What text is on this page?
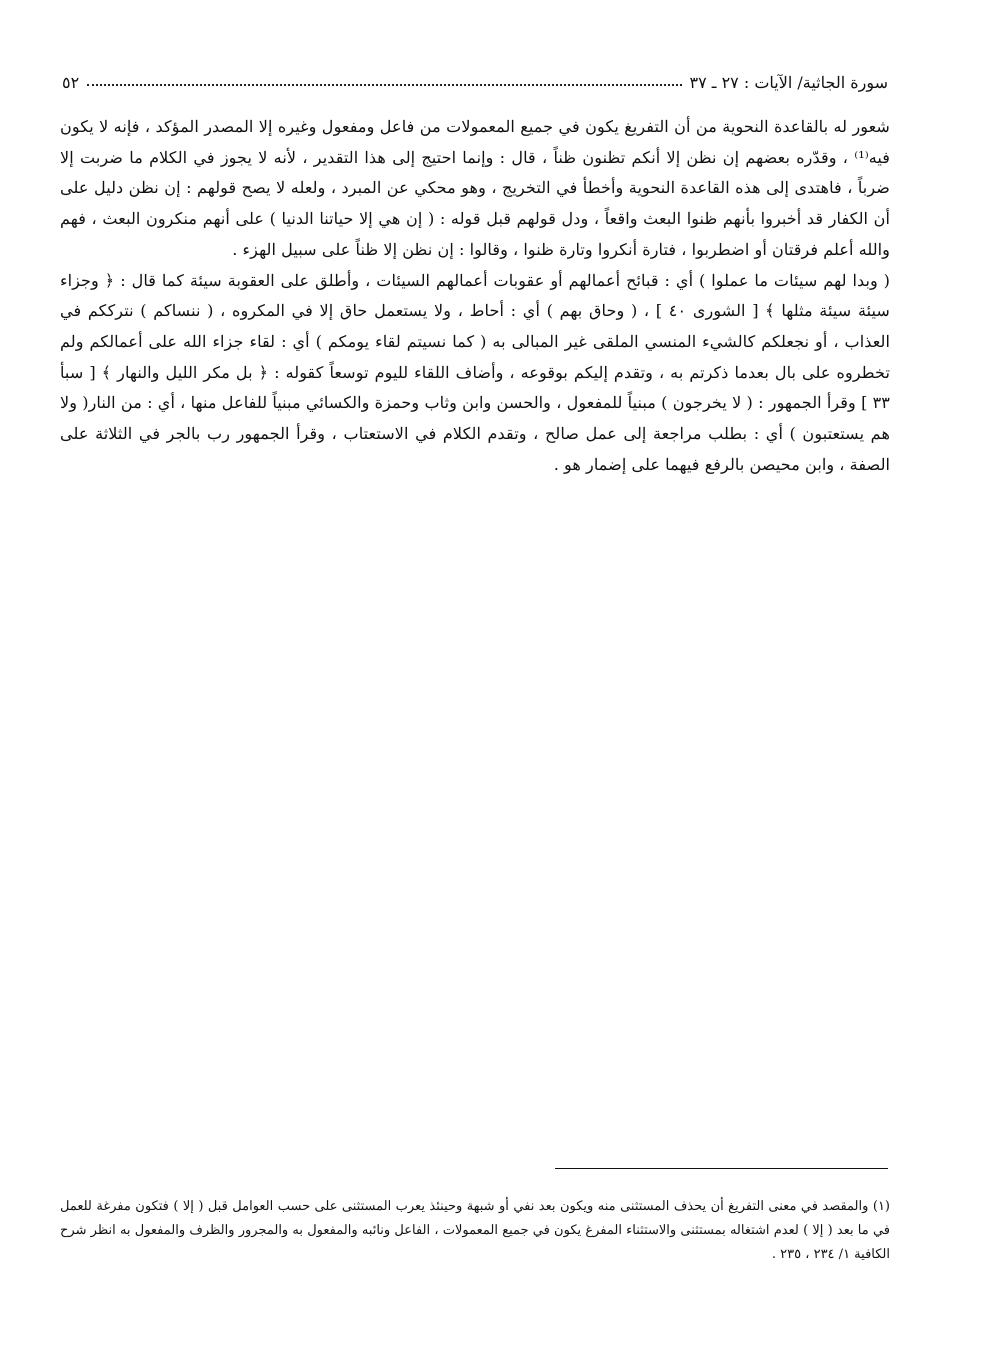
سورة الجاثية/ الآيات : ٢٧ ـ ٣٧
٥٢

شعور له بالقاعدة النحوية من أن التفريغ يكون في جميع المعمولات من فاعل ومفعول وغيره إلا المصدر المؤكد ، فإنه لا يكون فيه⁽¹⁾ ، وقدّره بعضهم إن نظن إلا أنكم تظنون ظناً ، قال : وإنما احتيج إلى هذا التقدير ، لأنه لا يجوز في الكلام ما ضربت إلا ضرباً ، فاهتدى إلى هذه القاعدة النحوية وأخطأ في التخريج ، وهو محكي عن المبرد ، ولعله لا يصح قولهم : إن نظن دليل على أن الكفار قد أخبروا بأنهم ظنوا البعث واقعاً ، ودل قولهم قبل قوله : ( إن هي إلا حياتنا الدنيا ) على أنهم منكرون البعث ، فهم والله أعلم فرقتان أو اضطربوا ، فتارة أنكروا وتارة ظنوا ، وقالوا : إن نظن إلا ظناً على سبيل الهزء .

( وبدا لهم سيئات ما عملوا ) أي : قبائح أعمالهم أو عقوبات أعمالهم السيئات ، وأطلق على العقوبة سيئة كما قال : ﴿ وجزاء سيئة سيئة مثلها ﴾ [ الشورى ٤٠ ] ، ( وحاق بهم ) أي : أحاط ، ولا يستعمل حاق إلا في المكروه ، ( ننساكم ) نترككم في العذاب ، أو نجعلكم كالشيء المنسي الملقى غير المبالى به ( كما نسيتم لقاء يومكم ) أي : لقاء جزاء الله على أعمالكم ولم تخطروه على بال بعدما ذكرتم به ، وتقدم إليكم بوقوعه ، وأضاف اللقاء لليوم توسعاً كقوله : ﴿ بل مكر الليل والنهار ﴾ [ سبأ ٣٣ ] وقرأ الجمهور : ( لا يخرجون ) مبنياً للمفعول ، والحسن وابن وثاب وحمزة والكسائي مبنياً للفاعل منها ، أي : من النار( ولا هم يستعتبون ) أي : بطلب مراجعة إلى عمل صالح ، وتقدم الكلام في الاستعتاب ، وقرأ الجمهور رب بالجر في الثلاثة على الصفة ، وابن محيصن بالرفع فيهما على إضمار هو .

(١) والمقصد في معنى التفريغ أن يحذف المستثنى منه ويكون بعد نفي أو شبهة وحينئذ يعرب المستثنى على حسب العوامل قبل ( إلا ) فتكون مفرغة للعمل في ما بعد ( إلا ) لعدم اشتغاله بمستثنى والاستثناء المفرغ يكون في جميع المعمولات ، الفاعل ونائبه والمفعول به والمجرور والظرف والمفعول به انظر شرح الكافية ١/ ٢٣٤ ، ٢٣٥ .
